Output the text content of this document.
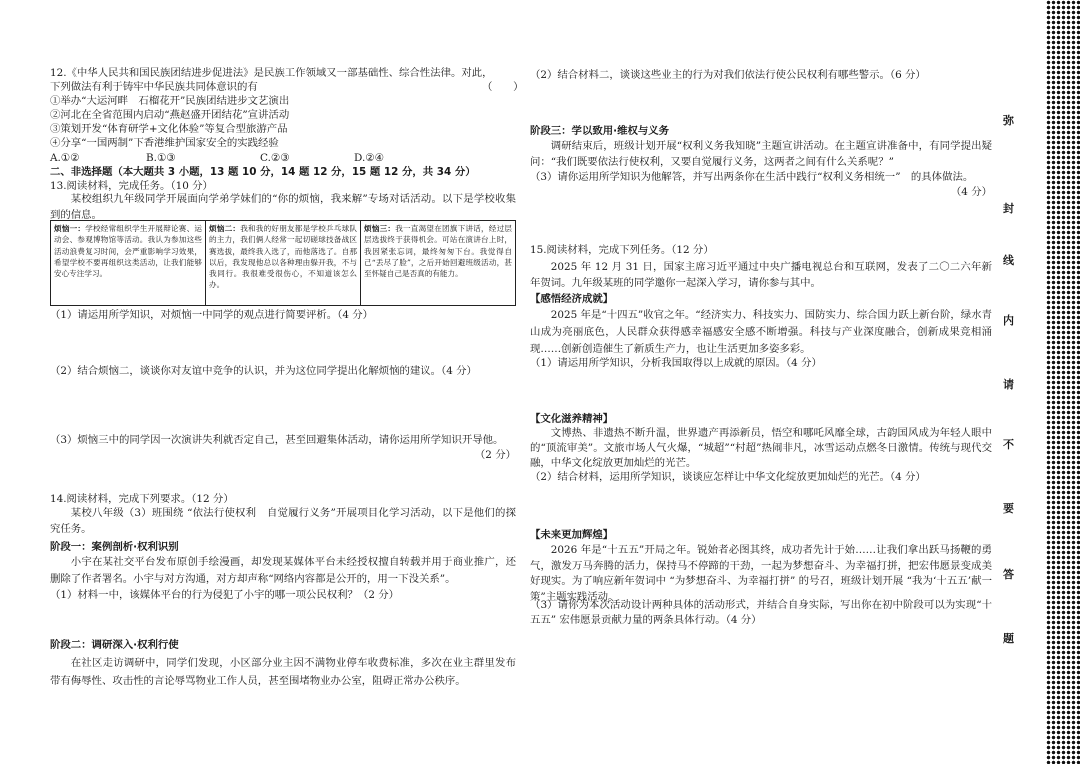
12.《中华人民共和国民族团结进步促进法》是民族工作领域又一部基础性、综合性法律。对此，
（　　）
下列做法有利于铸牢中华民族共同体意识的有
①举办“大运河畔　石榴花开”民族团结进步文艺演出
②河北在全省范围内启动“燕赵盛开团结花”宣讲活动
③策划开发“体育研学+文化体验”等复合型旅游产品
④分享“一国两制”下香港维护国家安全的实践经验
A.①②	B.①③	C.②③	D.②④
二、非选择题（本大题共 3 小题，13 题 10 分，14 题 12 分，15 题 12 分，共 34 分）
13.阅读材料，完成任务。（10 分）
某校组织九年级同学开展面向学弟学妹们的“你的烦恼，我来解”专场对话活动。以下是学校收集到的信息。
烦恼一：学校经常组织学生开展辩论赛、运动会、参观博物馆等活动。我认为参加这些活动浪费复习时间，会严重影响学习效果，希望学校不要再组织这类活动，让我们能够安心专注学习。
烦恼二：我和我的好朋友都是学校乒乓球队的主力，我们俩人经常一起切磋球技备战区赛选拔，最终我入选了，而他落选了。自那以后，我发现他总以各种理由躲开我，不与我同行。我很难受很伤心，不知道该怎么办。
烦恼三：我一直渴望在团旗下讲话，经过层层选拔终于获得机会。可站在演讲台上时，我因紧张忘词，最终匆匆下台。我觉得自己“丢尽了脸”，之后开始回避班级活动，甚至怀疑自己是否真的有能力。
（1）请运用所学知识，对烦恼一中同学的观点进行简要评析。（4 分）
（2）结合烦恼二，谈谈你对友谊中竞争的认识，并为这位同学提出化解烦恼的建议。（4 分）
（3）烦恼三中的同学因一次演讲失利就否定自己，甚至回避集体活动，请你运用所学知识开导他。
（2 分）
14.阅读材料，完成下列要求。（12 分）
某校八年级（3）班围绕 “依法行使权利　自觉履行义务”开展项目化学习活动，以下是他们的探究任务。
阶段一：案例剖析·权利识别
小宇在某社交平台发布原创手绘漫画，却发现某媒体平台未经授权擅自转载并用于商业推广，还删除了作者署名。小宇与对方沟通，对方却声称“网络内容都是公开的，用一下没关系”。
（1）材料一中，该媒体平台的行为侵犯了小宇的哪一项公民权利？（2 分）
阶段二：调研深入·权利行使
在社区走访调研中，同学们发现，小区部分业主因不满物业停车收费标准，多次在业主群里发布带有侮辱性、攻击性的言论辱骂物业工作人员，甚至围堵物业办公室，阻碍正常办公秩序。
（2）结合材料二，谈谈这些业主的行为对我们依法行使公民权利有哪些警示。（6 分）
阶段三：学以致用·维权与义务
调研结束后，班级计划开展“权利义务我知晓”主题宣讲活动。在主题宣讲准备中，有同学提出疑问：“我们既要依法行使权利，又要自觉履行义务，这两者之间有什么关系呢？”
（3）请你运用所学知识为他解答，并写出两条你在生活中践行“权利义务相统一”　的具体做法。
（4 分）
15.阅读材料，完成下列任务。（12 分）
2025 年 12 月 31 日，国家主席习近平通过中央广播电视总台和互联网，发表了二〇二六年新年贺词。九年级某班的同学邀你一起深入学习，请你参与其中。
【感悟经济成就】
2025 年是“十四五”收官之年。“经济实力、科技实力、国防实力、综合国力跃上新台阶，绿水青山成为亮丽底色，人民群众获得感幸福感安全感不断增强。科技与产业深度融合，创新成果竞相涌现……创新创造催生了新质生产力，也让生活更加多姿多彩。
（1）请运用所学知识，分析我国取得以上成就的原因。（4 分）
【文化滋养精神】
文博热、非遗热不断升温，世界遗产再添新员，悟空和哪吒风靡全球，古韵国风成为年轻人眼中的“顶流审美”。文旅市场人气火爆，“城超”“村超”热闹非凡，冰雪运动点燃冬日激情。传统与现代交融，中华文化绽放更加灿烂的光芒。
（2）结合材料，运用所学知识，谈谈应怎样让中华文化绽放更加灿烂的光芒。（4 分）
【未来更加辉煌】
2026 年是“十五五”开局之年。锐始者必图其终，成功者先计于始……让我们拿出跃马扬鞭的勇气，激发万马奔腾的活力，保持马不停蹄的干劲，一起为梦想奋斗、为幸福打拼，把宏伟愿景变成美好现实。为了响应新年贺词中 “为梦想奋斗、为幸福打拼” 的号召，班级计划开展 “我为‘十五五’献一策”主题实践活动。
（3）请你为本次活动设计两种具体的活动形式，并结合自身实际，写出你在初中阶段可以为实现“十五五” 宏伟愿景贡献力量的两条具体行动。（4 分）
弥
封
线
内
请
不
要
答
题
